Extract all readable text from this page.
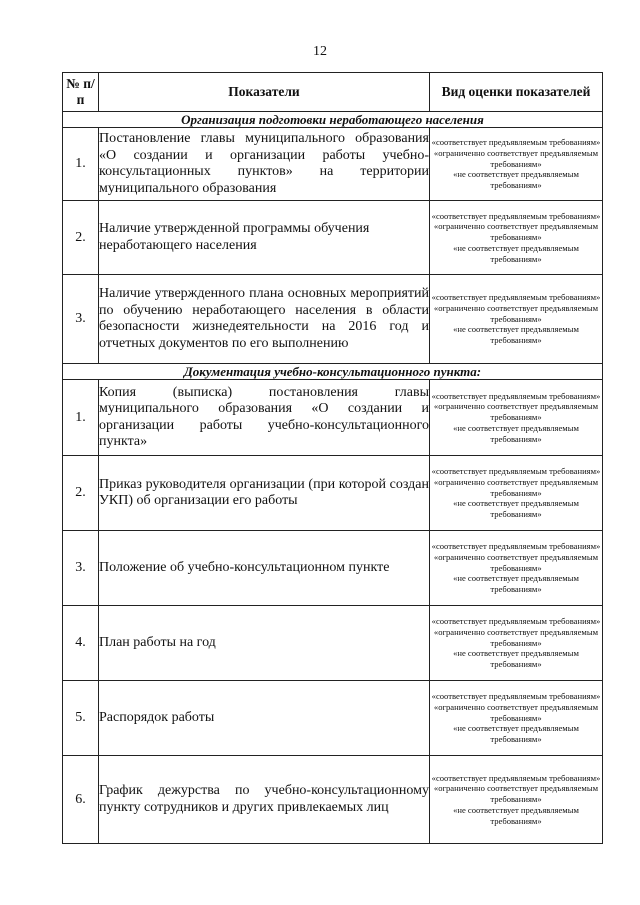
12
№ п/п	Показатели	Вид оценки показателей
Организация подготовки неработающего населения		
1.	Постановление главы муниципального образования «О создании и организации работы учебно-консультационных пунктов» на территории муниципального образования	«соответствует предъявляемым требованиям»
«ограниченно соответствует предъявляемым требованиям»
«не соответствует предъявляемым требованиям»

2.	Наличие утвержденной программы обучения неработающего населения	«соответствует предъявляемым требованиям»
«ограниченно соответствует предъявляемым требованиям»
«не соответствует предъявляемым требованиям»

3.	Наличие утвержденного плана основных мероприятий по обучению неработающего населения в области безопасности жизнедеятельности на 2016 год и отчетных документов по его выполнению	«соответствует предъявляемым требованиям»
«ограниченно соответствует предъявляемым требованиям»
«не соответствует предъявляемым требованиям»

Документация учебно-консультационного пункта:		
1.	Копия (выписка) постановления главы муниципального образования «О создании и организации работы учебно-консультационного пункта»	«соответствует предъявляемым требованиям»
«ограниченно соответствует предъявляемым требованиям»
«не соответствует предъявляемым требованиям»

2.	Приказ руководителя организации (при которой создан УКП) об организации его работы	«соответствует предъявляемым требованиям»
«ограниченно соответствует предъявляемым требованиям»
«не соответствует предъявляемым требованиям»

3.	Положение об учебно-консультационном пункте	«соответствует предъявляемым требованиям»
«ограниченно соответствует предъявляемым требованиям»
«не соответствует предъявляемым требованиям»

4.	План работы на год	«соответствует предъявляемым требованиям»
«ограниченно соответствует предъявляемым требованиям»
«не соответствует предъявляемым требованиям»

5.	Распорядок работы	«соответствует предъявляемым требованиям»
«ограниченно соответствует предъявляемым требованиям»
«не соответствует предъявляемым требованиям»

6.	График дежурства по учебно-консультационному пункту сотрудников и других привлекаемых лиц	«соответствует предъявляемым требованиям»
«ограниченно соответствует предъявляемым требованиям»
«не соответствует предъявляемым требованиям»
